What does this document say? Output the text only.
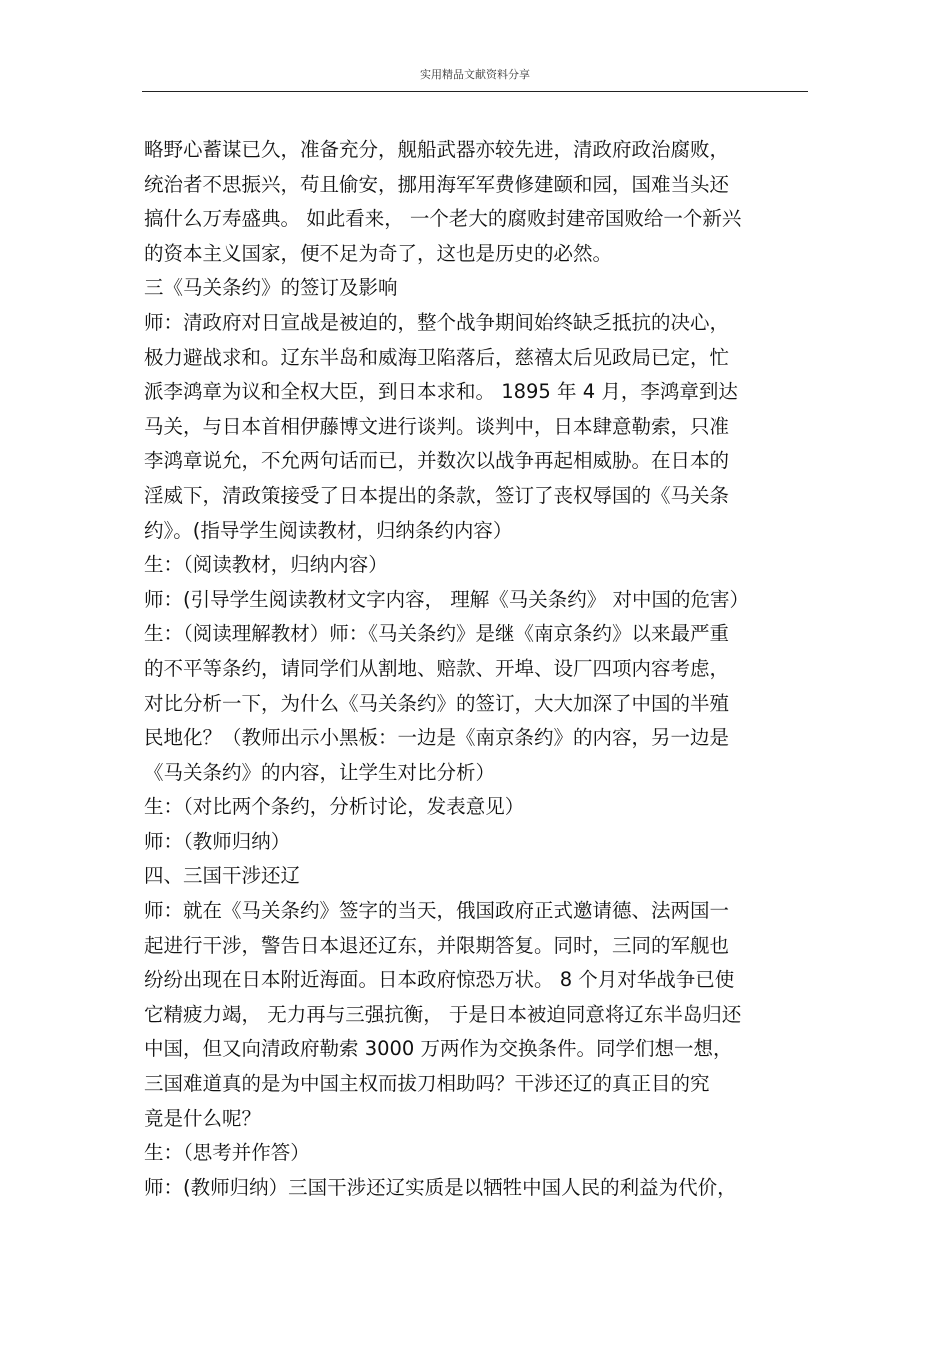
实用精品文献资料分享
略野心蓄谋已久，准备充分，舰船武器亦较先进，清政府政治腐败，
统治者不思振兴，苟且偷安，挪用海军军费修建颐和园，国难当头还
搞什么万寿盛典。 如此看来， 一个老大的腐败封建帝国败给一个新兴
的资本主义国家，便不足为奇了，这也是历史的必然。
三《马关条约》的签订及影响
师：清政府对日宣战是被迫的，整个战争期间始终缺乏抵抗的决心，
极力避战求和。辽东半岛和威海卫陷落后，慈禧太后见政局已定，忙
派李鸿章为议和全权大臣，到日本求和。 1895 年 4 月，李鸿章到达
马关，与日本首相伊藤博文进行谈判。谈判中，日本肆意勒索，只准
李鸿章说允，不允两句话而已，并数次以战争再起相威胁。在日本的
淫威下，清政策接受了日本提出的条款，签订了丧权辱国的《马关条
约》。(指导学生阅读教材，归纳条约内容）
生：（阅读教材，归纳内容）
师：(引导学生阅读教材文字内容， 理解《马关条约》 对中国的危害）
生：（阅读理解教材）师：《马关条约》是继《南京条约》以来最严重
的不平等条约，请同学们从割地、赔款、开埠、设厂四项内容考虑，
对比分析一下，为什么《马关条约》的签订，大大加深了中国的半殖
民地化？（教师出示小黑板：一边是《南京条约》的内容，另一边是
《马关条约》的内容，让学生对比分析）
生：（对比两个条约，分析讨论，发表意见）
师：（教师归纳）
四、三国干涉还辽
师：就在《马关条约》签字的当天，俄国政府正式邀请德、法两国一
起进行干涉，警告日本退还辽东，并限期答复。同时，三同的军舰也
纷纷出现在日本附近海面。日本政府惊恐万状。 8 个月对华战争已使
它精疲力竭， 无力再与三强抗衡， 于是日本被迫同意将辽东半岛归还
中国，但又向清政府勒索 3000 万两作为交换条件。同学们想一想，
三国难道真的是为中国主权而拔刀相助吗？干涉还辽的真正目的究
竟是什么呢？
生：（思考并作答）
师：(教师归纳）三国干涉还辽实质是以牺牲中国人民的利益为代价，
